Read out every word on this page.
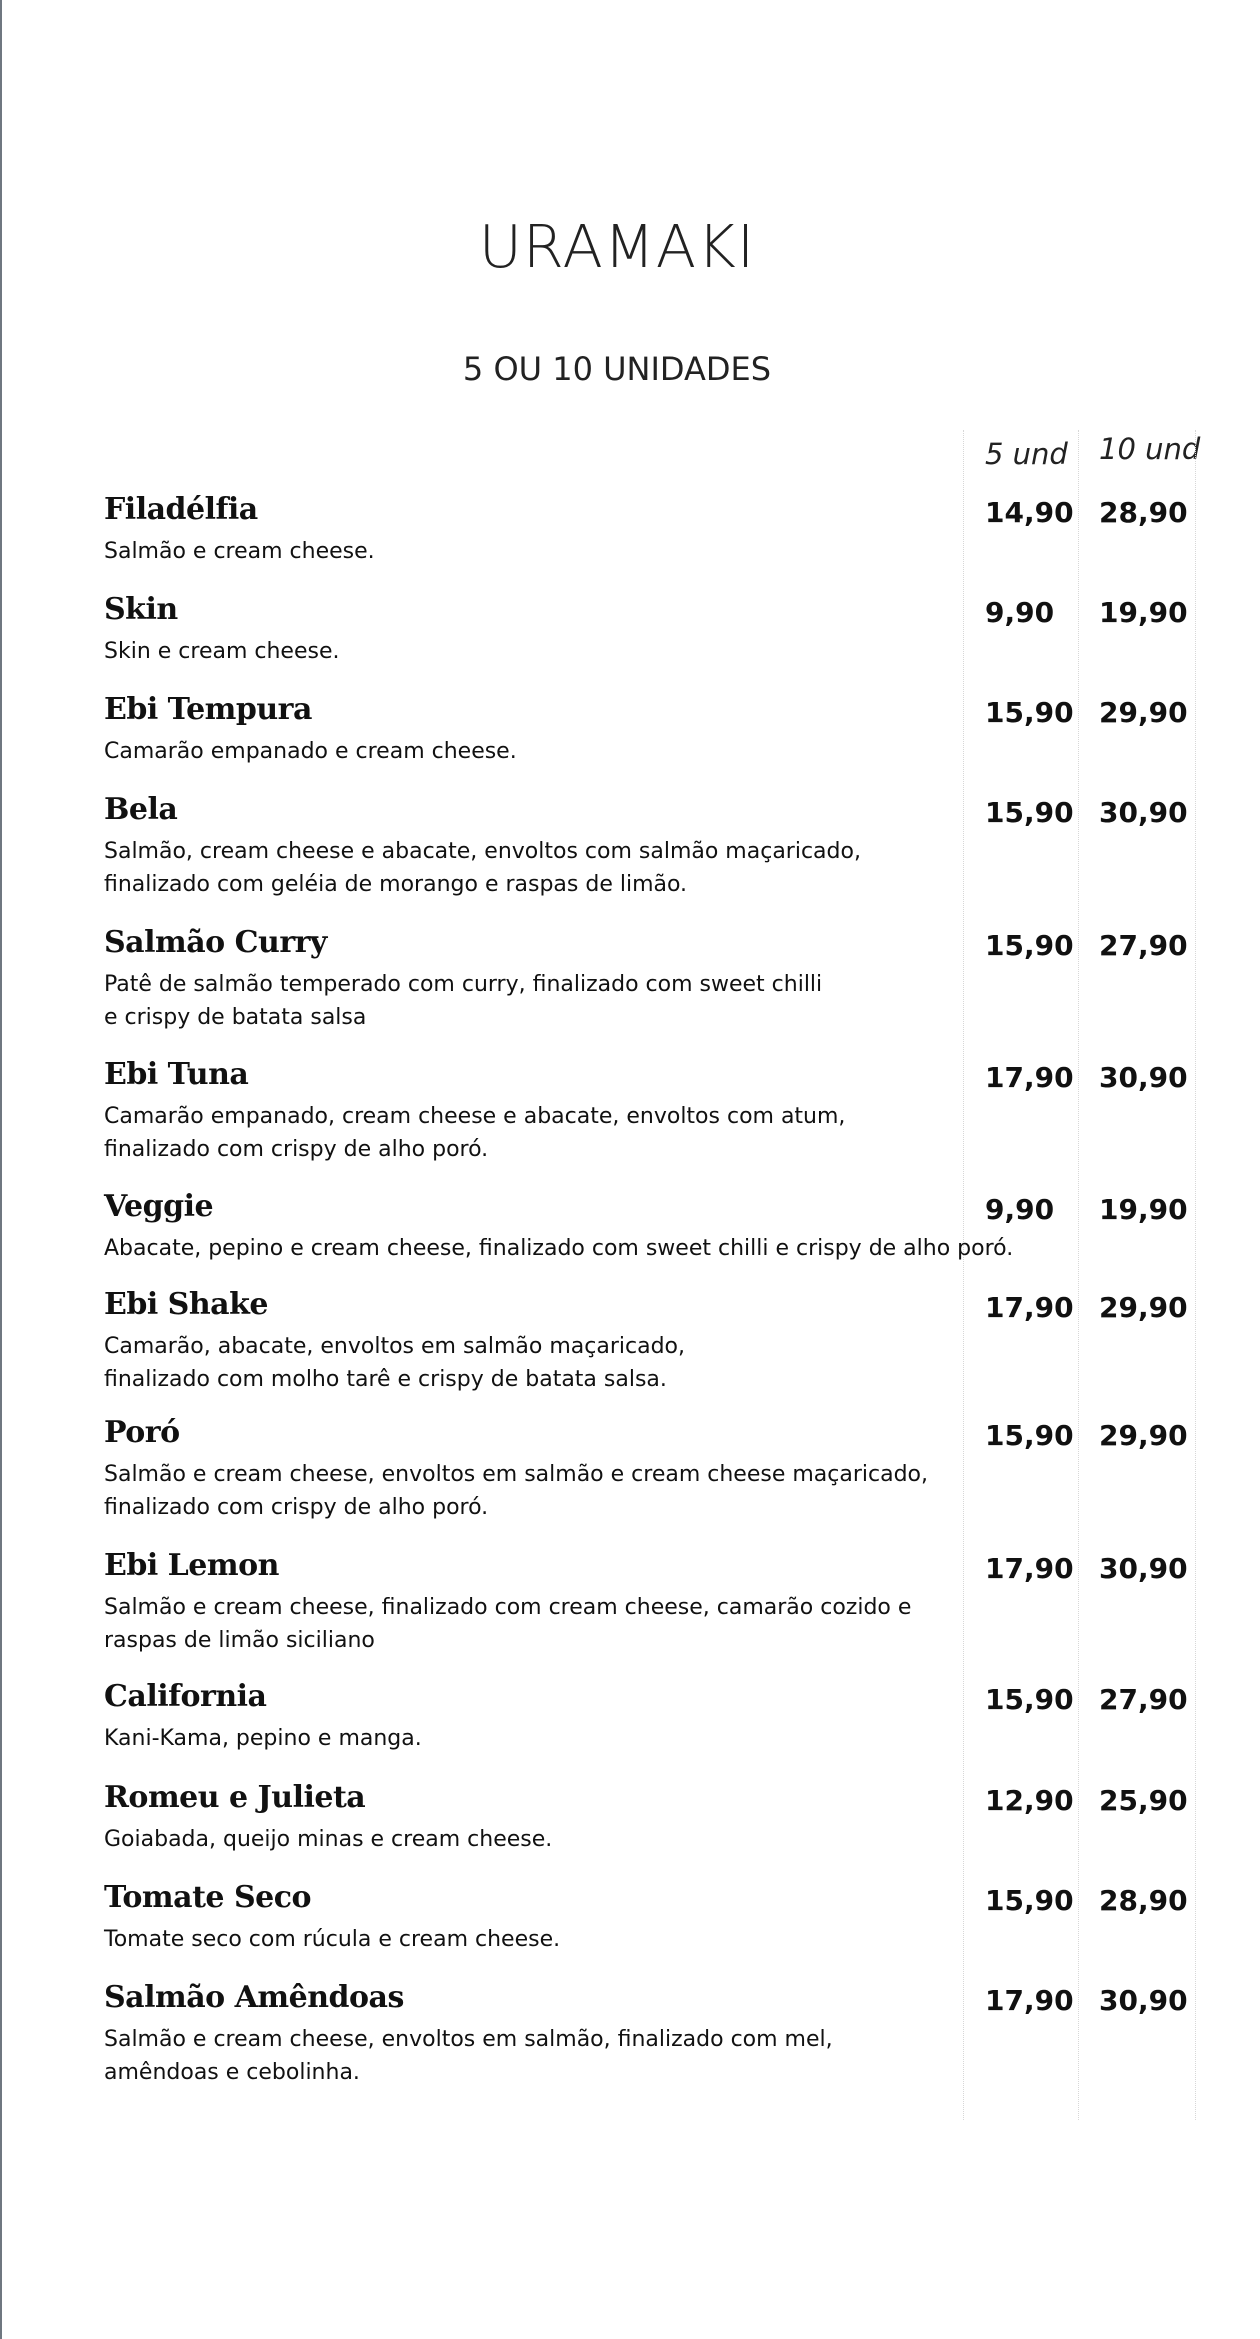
URAMAKI
5 OU 10 UNIDADES
5 und 10 und
Filadélfia
Salmão e cream cheese.
14,90 28,90
Skin
Skin e cream cheese.
9,90 19,90
Ebi Tempura
Camarão empanado e cream cheese.
15,90 29,90
Bela
Salmão, cream cheese e abacate, envoltos com salmão maçaricado,
finalizado com geléia de morango e raspas de limão.
15,90 30,90
Salmão Curry
Patê de salmão temperado com curry, finalizado com sweet chilli
e crispy de batata salsa
15,90 27,90
Ebi Tuna
Camarão empanado, cream cheese e abacate, envoltos com atum,
finalizado com crispy de alho poró.
17,90 30,90
Veggie
Abacate, pepino e cream cheese, finalizado com sweet chilli e crispy de alho poró.
9,90 19,90
Ebi Shake
Camarão, abacate, envoltos em salmão maçaricado,
finalizado com molho tarê e crispy de batata salsa.
17,90 29,90
Poró
Salmão e cream cheese, envoltos em salmão e cream cheese maçaricado,
finalizado com crispy de alho poró.
15,90 29,90
Ebi Lemon
Salmão e cream cheese, finalizado com cream cheese, camarão cozido e
raspas de limão siciliano
17,90 30,90
California
Kani-Kama, pepino e manga.
15,90 27,90
Romeu e Julieta
Goiabada, queijo minas e cream cheese.
12,90 25,90
Tomate Seco
Tomate seco com rúcula e cream cheese.
15,90 28,90
Salmão Amêndoas
Salmão e cream cheese, envoltos em salmão, finalizado com mel,
amêndoas e cebolinha.
17,90 30,90
